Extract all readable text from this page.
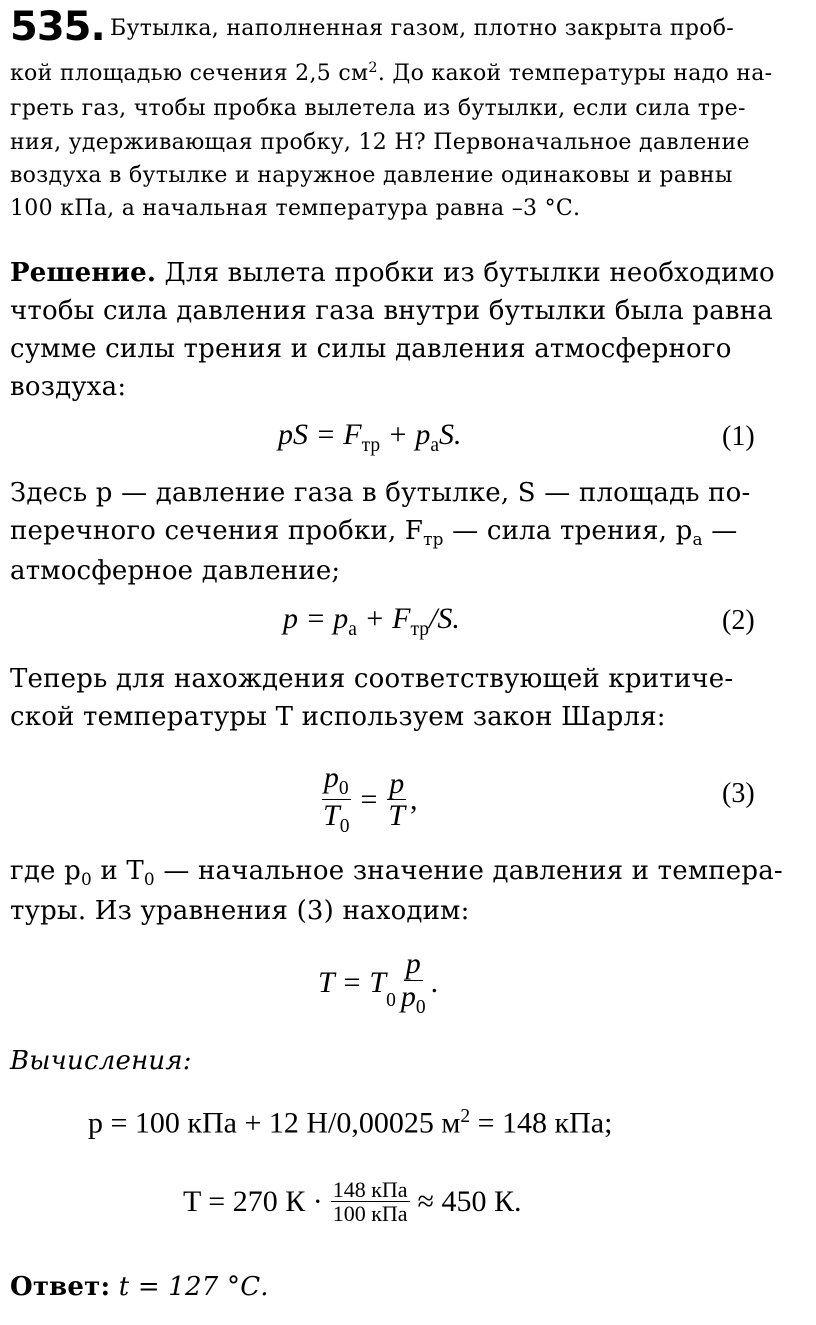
535. Бутылка, наполненная газом, плотно закрыта проб-
кой площадью сечения 2,5 $см^2$. До какой температуры надо на-
греть газ, чтобы пробка вылетела из бутылки, если сила тре-
ния, удерживающая пробку, 12 Н? Первоначальное давление
воздуха в бутылке и наружное давление одинаковы и равны
100 кПа, а начальная температура равна –3 °С.
Решение. Для вылета пробки из бутылки необходимо
чтобы сила давления газа внутри бутылки была равна
сумме силы трения и силы давления атмосферного
воздуха:
pS = $F_{тр} + p_аS$.	(1)
Здесь p — давление газа в бутылке, S — площадь по-
перечного сечения пробки, $F_{тр}$ — сила трения, $p_а$ —
атмосферное давление;
$p = p_а + F_{тр}/S$.	(2)
Теперь для нахождения соответствующей критиче-
ской температуры T используем закон Шарля:
$\frac{p_0}{T_0} = \frac{p}{T}$ ,	(3)
где $p_0$ и $T_0$ — начальное значение давления и темпера-
туры. Из уравнения (3) находим:
T = T
$_0 \frac{p}{p_0}$ .
Вычисления:
p = 100 кПа + 12 Н/0,00025 $м^2 = 148$ кПа;
T = 270 $К \cdot \frac{\text{148 кПа}}{\text{100 кПа}} \approx 450$ К.
Ответ: t = 127 °С.
